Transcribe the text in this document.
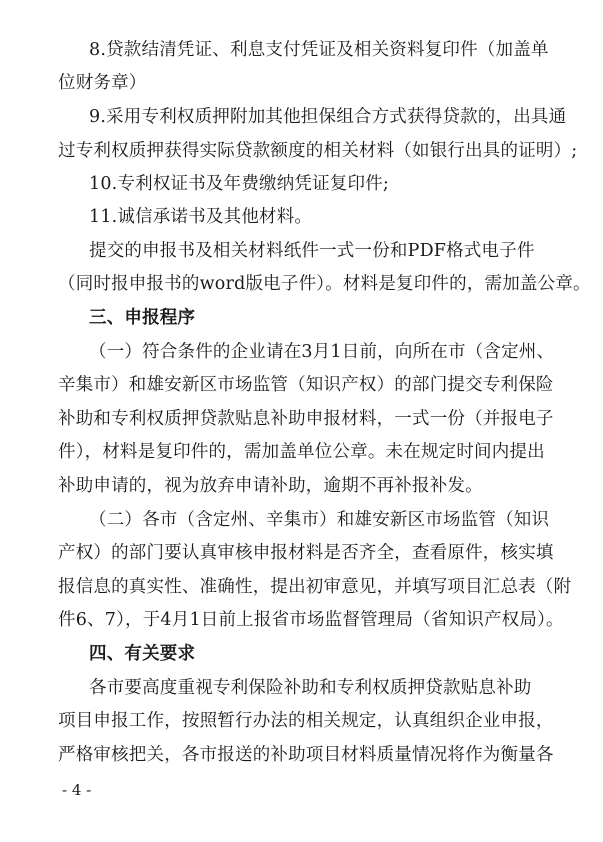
8.贷款结清凭证、利息支付凭证及相关资料复印件（加盖单
位财务章）
9.采用专利权质押附加其他担保组合方式获得贷款的，出具通
过专利权质押获得实际贷款额度的相关材料（如银行出具的证明）;
10.专利权证书及年费缴纳凭证复印件;
11.诚信承诺书及其他材料。
提交的申报书及相关材料纸件一式一份和PDF格式电子件
（同时报申报书的word版电子件）。材料是复印件的，需加盖公章。
三、申报程序
（一）符合条件的企业请在3月1日前，向所在市（含定州、
辛集市）和雄安新区市场监管（知识产权）的部门提交专利保险
补助和专利权质押贷款贴息补助申报材料，一式一份（并报电子
件），材料是复印件的，需加盖单位公章。未在规定时间内提出
补助申请的，视为放弃申请补助，逾期不再补报补发。
（二）各市（含定州、辛集市）和雄安新区市场监管（知识
产权）的部门要认真审核申报材料是否齐全，查看原件，核实填
报信息的真实性、准确性，提出初审意见，并填写项目汇总表（附
件6、7），于4月1日前上报省市场监督管理局（省知识产权局）。
四、有关要求
各市要高度重视专利保险补助和专利权质押贷款贴息补助
项目申报工作，按照暂行办法的相关规定，认真组织企业申报，
严格审核把关，各市报送的补助项目材料质量情况将作为衡量各
- 4 -
